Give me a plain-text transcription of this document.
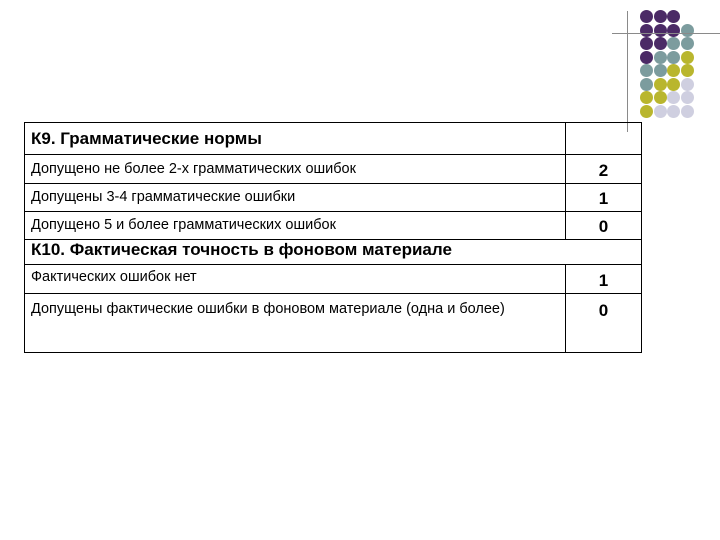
К9. Грамматические нормы	
Допущено не более 2-х грамматических ошибок	2
Допущены 3-4 грамматические ошибки	1
Допущено 5 и более грамматических ошибок	0
К10. Фактическая точность в фоновом материале	
Фактических ошибок нет	1
Допущены фактические ошибки в фоновом материале (одна и более)	0
